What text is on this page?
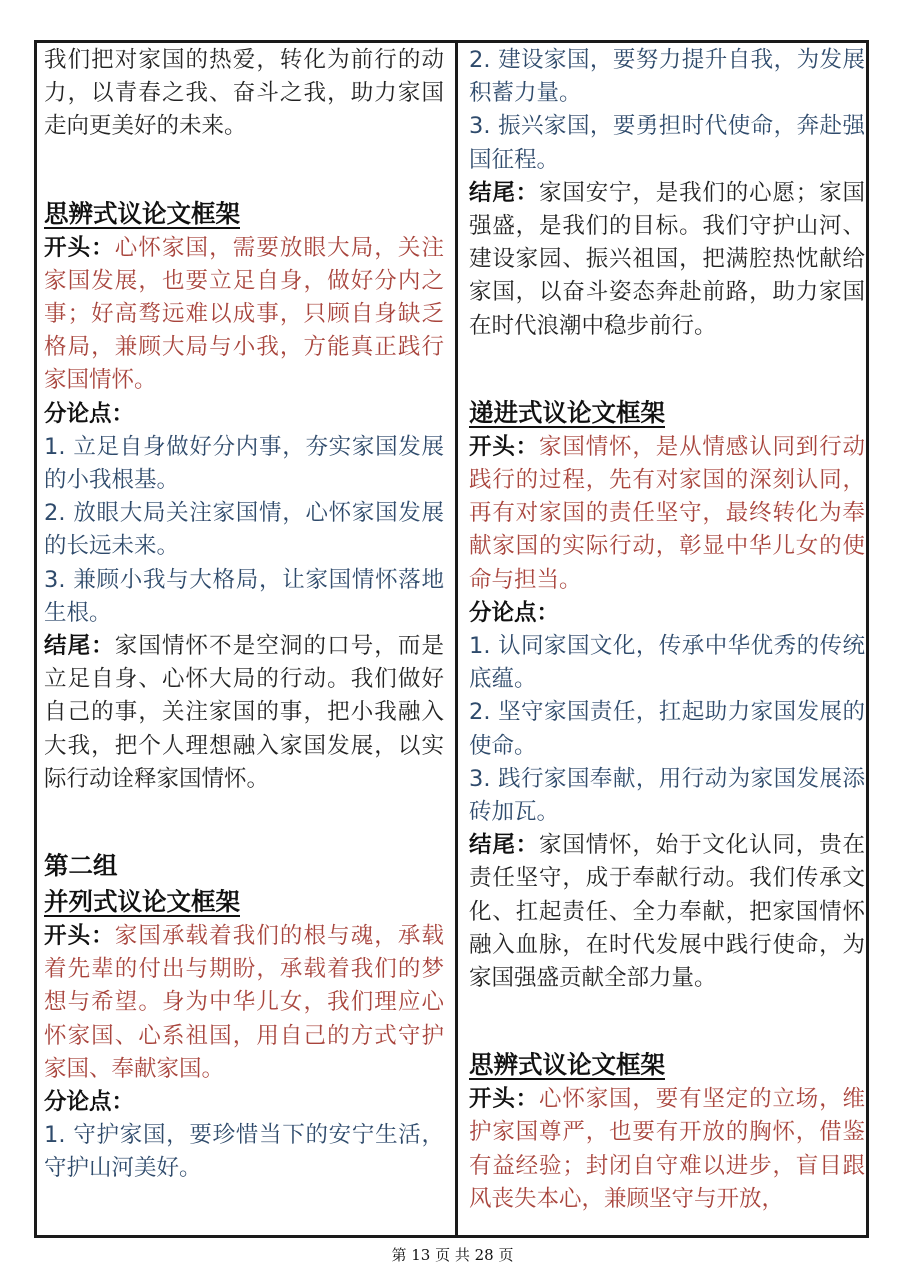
我们把对家国的热爱，转化为前行的动力，以青春之我、奋斗之我，助力家国走向更美好的未来。

思辨式议论文框架

开头：心怀家国，需要放眼大局，关注家国发展，也要立足自身，做好分内之事；好高骛远难以成事，只顾自身缺乏格局，兼顾大局与小我，方能真正践行家国情怀。

分论点：

1. 立足自身做好分内事，夯实家国发展的小我根基。

2. 放眼大局关注家国情，心怀家国发展的长远未来。

3. 兼顾小我与大格局，让家国情怀落地生根。

结尾：家国情怀不是空洞的口号，而是立足自身、心怀大局的行动。我们做好自己的事，关注家国的事，把小我融入大我，把个人理想融入家国发展，以实际行动诠释家国情怀。

第二组

并列式议论文框架

开头：家国承载着我们的根与魂，承载着先辈的付出与期盼，承载着我们的梦想与希望。身为中华儿女，我们理应心怀家国、心系祖国，用自己的方式守护家国、奉献家国。

分论点：

1. 守护家国，要珍惜当下的安宁生活，守护山河美好。

2. 建设家国，要努力提升自我，为发展积蓄力量。

3. 振兴家国，要勇担时代使命，奔赴强国征程。

结尾：家国安宁，是我们的心愿；家国强盛，是我们的目标。我们守护山河、建设家园、振兴祖国，把满腔热忱献给家国，以奋斗姿态奔赴前路，助力家国在时代浪潮中稳步前行。

递进式议论文框架

开头：家国情怀，是从情感认同到行动践行的过程，先有对家国的深刻认同，再有对家国的责任坚守，最终转化为奉献家国的实际行动，彰显中华儿女的使命与担当。

分论点：

1. 认同家国文化，传承中华优秀的传统底蕴。

2. 坚守家国责任，扛起助力家国发展的使命。

3. 践行家国奉献，用行动为家国发展添砖加瓦。

结尾：家国情怀，始于文化认同，贵在责任坚守，成于奉献行动。我们传承文化、扛起责任、全力奉献，把家国情怀融入血脉，在时代发展中践行使命，为家国强盛贡献全部力量。

思辨式议论文框架

开头：心怀家国，要有坚定的立场，维护家国尊严，也要有开放的胸怀，借鉴有益经验；封闭自守难以进步，盲目跟风丧失本心，兼顾坚守与开放，

第 13 页 共 28 页
